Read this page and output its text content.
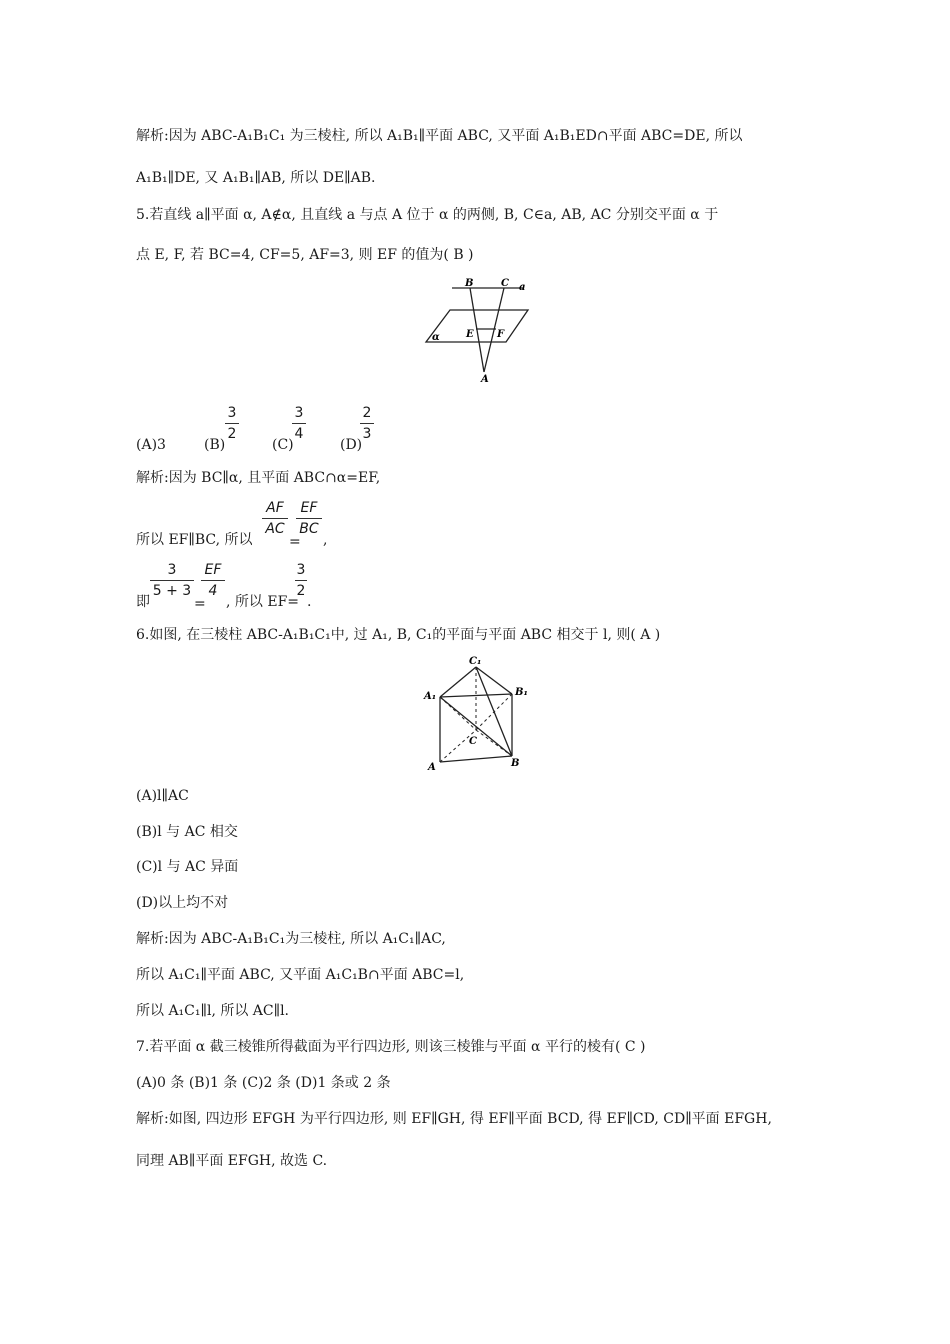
解析:因为 ABC-A₁B₁C₁ 为三棱柱, 所以 A₁B₁∥平面 ABC, 又平面 A₁B₁ED∩平面 ABC=DE, 所以
A₁B₁∥DE, 又 A₁B₁∥AB, 所以 DE∥AB.
5.若直线 a∥平面 α, A∉α, 且直线 a 与点 A 位于 α 的两侧, B, C∈a, AB, AC 分别交平面 α 于
点 E, F, 若 BC=4, CF=5, AF=3, 则 EF 的值为( B )
B	C a
E F
α
A
(A)3	(B)
3
2
(C)
3
4
(D)
2
3
解析:因为 BC∥α, 且平面 ABC∩α=EF,
所以 EF∥BC, 所以
AF
AC
=
EF
BC
,
即
3
5 + 3
=
EF
4
, 所以 EF=
3
2
.
6.如图, 在三棱柱 ABC-A₁B₁C₁中, 过 A₁, B, C₁的平面与平面 ABC 相交于 l, 则( A )
C₁
A₁	B₁
C
A	B
(A)l∥AC
(B)l 与 AC 相交
(C)l 与 AC 异面
(D)以上均不对
解析:因为 ABC-A₁B₁C₁为三棱柱, 所以 A₁C₁∥AC,
所以 A₁C₁∥平面 ABC, 又平面 A₁C₁B∩平面 ABC=l,
所以 A₁C₁∥l, 所以 AC∥l.
7.若平面 α 截三棱锥所得截面为平行四边形, 则该三棱锥与平面 α 平行的棱有( C )
(A)0 条 (B)1 条 (C)2 条 (D)1 条或 2 条
解析:如图, 四边形 EFGH 为平行四边形, 则 EF∥GH, 得 EF∥平面 BCD, 得 EF∥CD, CD∥平面 EFGH,
同理 AB∥平面 EFGH, 故选 C.
